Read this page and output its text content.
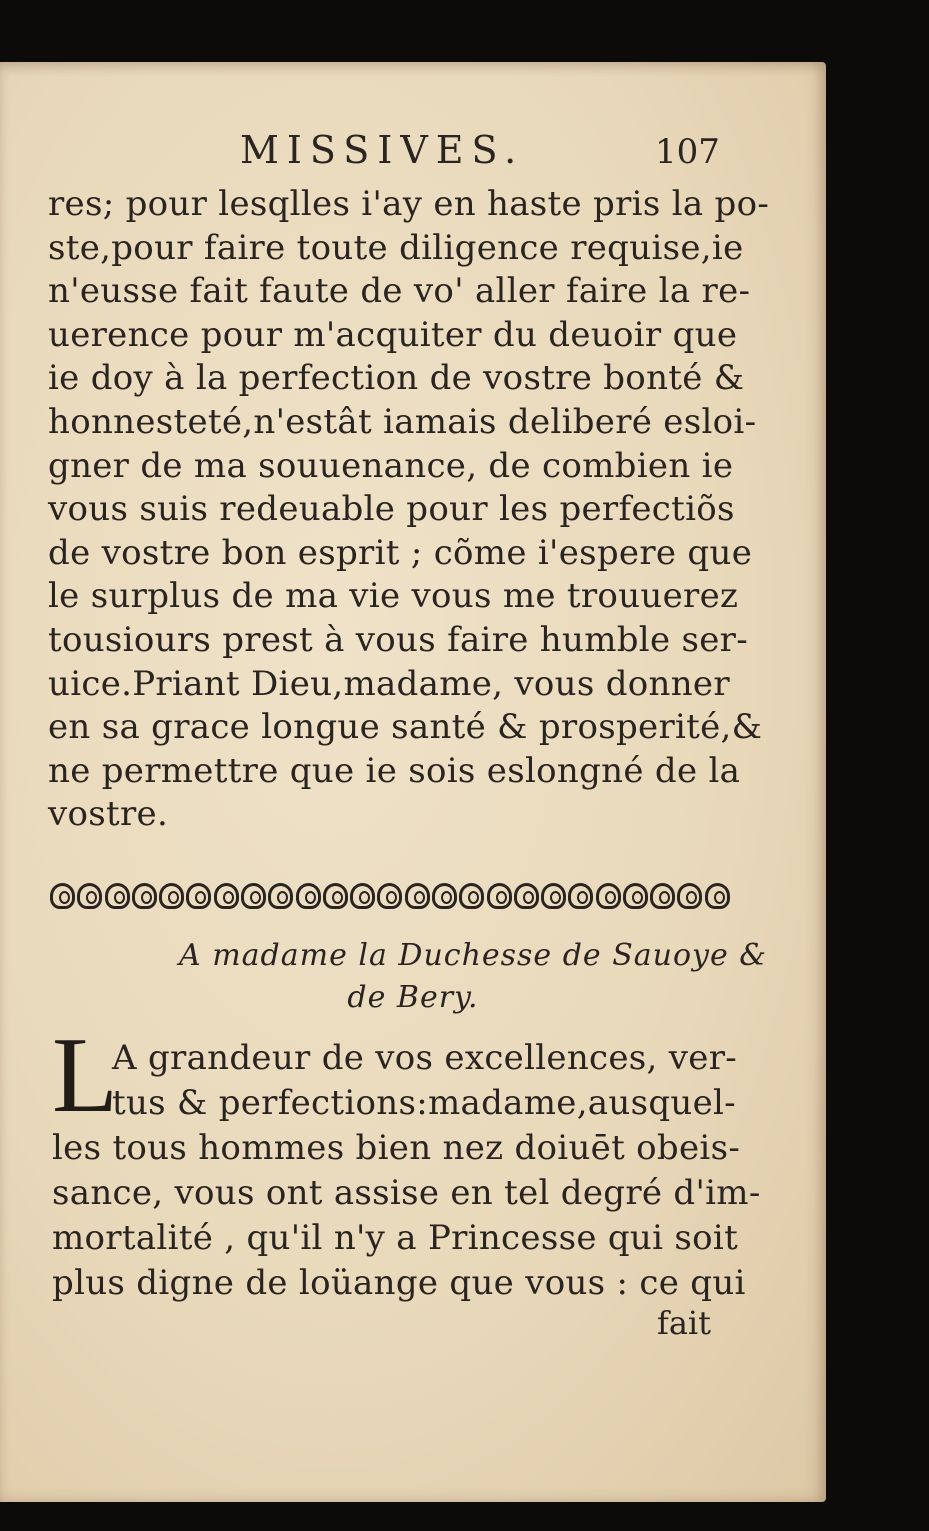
MISSIVES.	107
res; pour lesqlles i'ay en haste pris la po-
ste,pour faire toute diligence requise,ie
n'eusse fait faute de vo' aller faire la re-
uerence pour m'acquiter du deuoir que
ie doy à la perfection de vostre bonté &
honnesteté,n'estât iamais deliberé esloi-
gner de ma souuenance, de combien ie
vous suis redeuable pour les perfectiõs
de vostre bon esprit ; cõme i'espere que
le surplus de ma vie vous me trouuerez
tousiours prest à vous faire humble ser-
uice.Priant Dieu,madame, vous donner
en sa grace longue santé & prosperité,&
ne permettre que ie sois eslongné de la
vostre.
A madame la Duchesse de Sauoye &
de Bery.
L
A grandeur de vos excellences, ver-
tus & perfections:madame,ausquel-
les tous hommes bien nez doiuēt obeis-
sance, vous ont assise en tel degré d'im-
mortalité , qu'il n'y a Princesse qui soit
plus digne de loüange que vous : ce qui
fait
